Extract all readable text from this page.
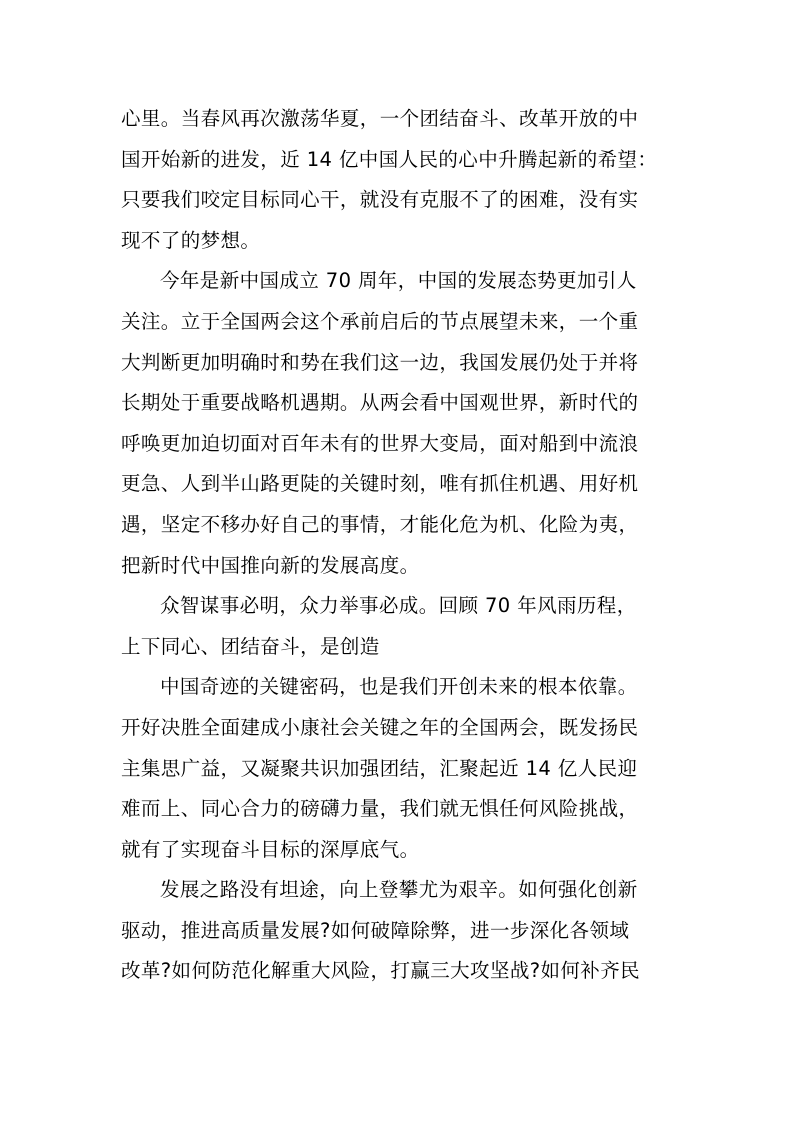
心里。当春风再次激荡华夏，一个团结奋斗、改革开放的中
国开始新的进发，近 14 亿中国人民的心中升腾起新的希望：
只要我们咬定目标同心干，就没有克服不了的困难，没有实
现不了的梦想。
今年是新中国成立 70 周年，中国的发展态势更加引人
关注。立于全国两会这个承前启后的节点展望未来，一个重
大判断更加明确时和势在我们这一边，我国发展仍处于并将
长期处于重要战略机遇期。从两会看中国观世界，新时代的
呼唤更加迫切面对百年未有的世界大变局，面对船到中流浪
更急、人到半山路更陡的关键时刻，唯有抓住机遇、用好机
遇，坚定不移办好自己的事情，才能化危为机、化险为夷，
把新时代中国推向新的发展高度。
众智谋事必明，众力举事必成。回顾 70 年风雨历程，
上下同心、团结奋斗，是创造
中国奇迹的关键密码，也是我们开创未来的根本依靠。
开好决胜全面建成小康社会关键之年的全国两会，既发扬民
主集思广益，又凝聚共识加强团结，汇聚起近 14 亿人民迎
难而上、同心合力的磅礴力量，我们就无惧任何风险挑战，
就有了实现奋斗目标的深厚底气。
发展之路没有坦途，向上登攀尤为艰辛。如何强化创新
驱动，推进高质量发展?如何破障除弊，进一步深化各领域
改革?如何防范化解重大风险，打赢三大攻坚战?如何补齐民
